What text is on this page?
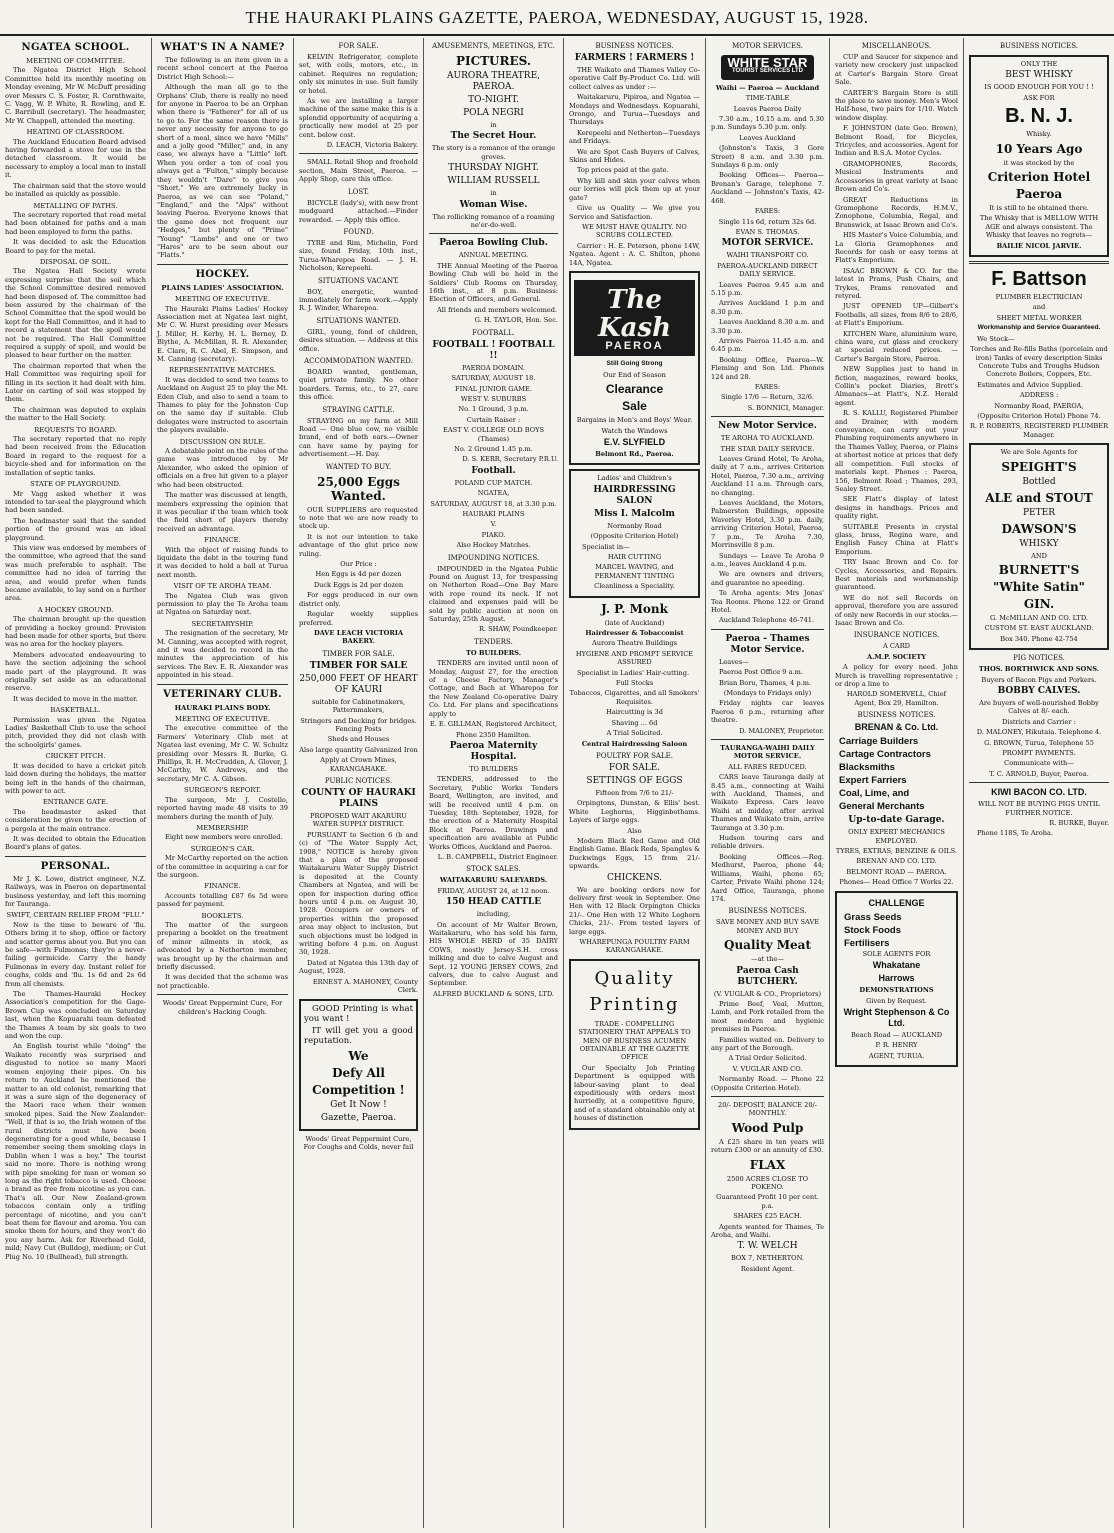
THE HAURAKI PLAINS GAZETTE, PAEROA, WEDNESDAY, AUGUST 15, 1928.
NGATEA SCHOOL.
MEETING OF COMMITTEE.

The Ngatea District High School Committee held its monthly meeting on Monday evening, Mr W. McDuff presiding over Messrs C. S. Foster, R. Cornthwaite, C. Vagg, W. P. White, R. Rowling, and E. C. Barribull (secretary). The headmaster, Mr W. Chappell, attended the meeting.

HEATING OF CLASSROOM.

The Auckland Education Board advised having forwarded a stove for use in the detached classroom. It would be necessary to employ a local man to install it.

The chairman said that the stove would be installed as quickly as possible.

METALLING OF PATHS.

The secretary reported that road metal had been obtained for paths and a man had been employed to form the paths.

It was decided to ask the Education Board to pay for the metal.

DISPOSAL OF SOIL.

The Ngatea Hall Society wrote expressing surprise that the soil which the School Committee desired removed had been disposed of. The committee had been assured by the chairman of the School Committee that the spoil would be kept for the Hall Committee, and it had to record a statement that the spoil would not be required. The Hall Committee required a supply of spoil, and would be pleased to hear further on the matter.

The chairman reported that when the Hall Committee was requiring spoil for filling in its section it had dealt with him. Later on carting of soil was stopped by them.

The chairman was deputed to explain the matter to the Hall Society.

REQUESTS TO BOARD.

The secretary reported that no reply had been received from the Education Board in regard to the request for a bicycle-shed and for information on the installation of septic tanks.

STATE OF PLAYGROUND.

Mr Vagg asked whether it was intended to tar-seal the playground which had been sanded.

The headmaster said that the sanded portion of the ground was an ideal playground.

This view was endorsed by members of the committee, who agreed that the sand was much preferable to asphalt. The committee had no idea of tarring the area, and would prefer when funds became available, to lay sand on a further area.

A HOCKEY GROUND.

The chairman brought up the question of providing a hockey ground. Provision had been made for other sports, but there was no area for the hockey players.

Members advocated endeavouring to have the section adjoining the school made part of the playground. It was originally set aside as an educational reserve.

It was decided to move in the matter.

BASKETBALL.

Permission was given the Ngatea Ladies' Basketball Club to use the school pitch, provided they did not clash with the schoolgirls' games.

CRICKET PITCH.

It was decided to have a cricket pitch laid down during the holidays, the matter being left in the hands of the chairman, with power to act.

ENTRANCE GATE.

The headmaster asked that consideration be given to the erection of a pergola at the main entrance.

It was decided to obtain the Education Board's plans of gates.

PERSONAL.

Mr J. K. Lowe, district engineer, N.Z. Railways, was in Paeroa on departmental business yesterday, and left this morning for Tauranga.

SWIFT, CERTAIN RELIEF FROM "FLU."

Now is the time to beware of 'flu. Others bring it to shop, office or factory and scatter germs about you. But you can be safe—with Fulmonas; they're a never-failing germicide. Carry the handy Fulmonas in every day. Instant relief for coughs, colds and 'flu. 1s 6d and 2s 6d from all chemists.

The Thames-Hauraki Hockey Association's competition for the Gage-Brown Cup was concluded on Saturday last, when the Kopuarahi team defeated the Thames A team by six goals to two and won the cup.

An English tourist while "doing" the Waikato recently was surprised and disgusted to notice so many Maori women enjoying their pipes. On his return to Auckland he mentioned the matter to an old colonist, remarking that it was a sure sign of the degeneracy of the Maori race when their women smoked pipes. Said the New Zealander: "Well, if that is so, the Irish women of the rural districts must have been degenerating for a good while, because I remember seeing them smoking clays in Dublin when I was a boy." The tourist said no more. There is nothing wrong with pipe smoking for man or woman so long as the right tobacco is used. Choose a brand as free from nicotine as you can. That's all. Our New Zealand-grown tobaccos contain only a trifling percentage of nicotine, and you can't beat them for flavour and aroma. You can smoke them for hours, and they won't do you any harm. Ask for Riverhead Gold, mild; Navy Cut (Bulldog), medium; or Cut Plug No. 10 (Bullhead), full strength.

WHAT'S IN A NAME?

The following is an item given in a recent school concert at the Paeroa District High School:—

Although the man all go to the Orphans' Club, there is really no need for anyone in Paeroa to be an Orphan when there is "Fatherer" for all of us to go to. For the same reason there is never any necessity for anyone to go short of a meal, since we have "Mills" and a jolly good "Miller," and, in any case, we always have a "Little" left. When you order a ton of coal you always get a "Fulton," simply because they wouldn't "Dare" to give you "Short." We are extremely lucky in Paeroa, as we can see "Poland," "England," and the "Alps" without leaving Paeroa. Everyone knows that the game does not frequent our "Hedges," but plenty of "Prime" "Young" "Lambs" and one or two "Hares" are to be seen about our "Flatts."

HOCKEY.
PLAINS LADIES' ASSOCIATION.
MEETING OF EXECUTIVE.

The Hauraki Plains Ladies' Hockey Association met at Ngatea last night, Mr C. W. Hurst presiding over Messrs J. Miller, H. Kerby, H. L. Berney, D. Blythe, A. McMillan, R. R. Alexander, E. Clare, R. C. Abel, E. Simpson, and M. Canning (secretary).

REPRESENTATIVE MATCHES.

It was decided to send two teams to Auckland on August 25 to play the Mt. Eden Club, and also to send a team to Thames to play for the Johnston Cup on the same day if suitable. Club delegates were instructed to ascertain the players available.

DISCUSSION ON RULE.

A debatable point on the rules of the game was introduced by Mr Alexander, who asked the opinion of officials on a free hit given to a player who had been obstructed.

The matter was discussed at length, members expressing the opinion that it was peculiar if the team which took the field short of players thereby received an advantage.

FINANCE.

With the object of raising funds to liquidate the debt in the touring fund it was decided to hold a ball at Turua next month.

VISIT OF TE AROHA TEAM.

The Ngatea Club was given permission to play the Te Aroha team at Ngatea on Saturday next.

SECRETARYSHIP.

The resignation of the secretary, Mr M. Canning, was accepted with regret, and it was decided to record in the minutes the appreciation of his services. The Rev. E. R. Alexander was appointed in his stead.

VETERINARY CLUB.
HAURAKI PLAINS BODY.
MEETING OF EXECUTIVE.

The executive committee of the Farmers' Veterinary Club met at Ngatea last evening, Mr C. W. Schultz presiding over Messrs R. Burke, G. Phillips, R. H. McCrudden, A. Glover, J. McCarthy, W. Andrews, and the secretary, Mr C. A. Gibson.

SURGEON'S REPORT.

The surgeon, Mr J. Costello, reported having made 48 visits to 39 members during the month of July.

MEMBERSHIP.

Eight new members were enrolled.

SURGEON'S CAR.

Mr McCarthy reported on the action of the committee in acquiring a car for the surgeon.

FINANCE.

Accounts totalling £87 6s 5d were passed for payment.

BOOKLETS.

The matter of the surgeon preparing a booklet on the treatment of minor ailments in stock, as advocated by a Netherton member, was brought up by the chairman and briefly discussed.

It was decided that the scheme was not practicable.

Woods' Great Peppermint Cure, For children's Hacking Cough.

FOR SALE.

KELVIN Refrigerator, complete set, with coils, motors, etc., in cabinet. Requires no regulation; only six minutes in use. Suit family or hotel.

As we are installing a larger machine of the same make this is a splendid opportunity of acquiring a practically new model at 25 per cent. below cost.

D. LEACH, Victoria Bakery.

SMALL Retail Shop and freehold section, Main Street, Paeroa. —Apply Shop, care this office.

LOST.

BICYCLE (lady's), with new front mudguard attached.—Finder rewarded. — Apply this office.

FOUND.

TYRE and Rim, Michelin, Ford size, found Friday, 10th inst., Turua-Wharepoa Road. — J. H. Nicholson, Kerepeehi.

SITUATIONS VACANT.

BOY, energetic, wanted immediately for farm work.—Apply R. J. Winder, Wharepoa.

SITUATIONS WANTED.

GIRL, young, fond of children, desires situation. — Address at this office.

ACCOMMODATION WANTED.

BOARD wanted, gentleman, quiet private family. No other boarders. Terms, etc., to 27, care this office.

STRAYING CATTLE.

STRAYING on my farm at Mill Road — One blue cow, no visible brand, end of both ears.—Owner can have same by paying for advertisement.—H. Day.

WANTED TO BUY.
25,000 Eggs Wanted.

OUR SUPPLIERS are requested to note that we are now ready to stock up.

It is not our intention to take advantage of the glut price now ruling.

Our Price :

Hen Eggs is 4d per dozen

Duck Eggs is 2d per dozen

For eggs produced in our own district only.

Regular weekly supplies preferred.

DAVE LEACH VICTORIA BAKERY.

TIMBER FOR SALE.
TIMBER FOR SALE
250,000 FEET OF HEART OF KAURI

suitable for Cabinetmakers, Patternmakers,

Stringers and Decking for bridges. Fencing Posts

Sheds and Houses

Also large quantity Galvanized Iron

Apply at Crown Mines, KARANGAHAKE.

PUBLIC NOTICES.
COUNTY OF HAURAKI PLAINS

PROPOSED WAIT AKARURU WATER SUPPLY DISTRICT.

PURSUANT to Section 6 (b and (c) of "The Water Supply Act, 1908," NOTICE is hereby given that a plan of the proposed Waitakaruru Water Supply District is deposited at the County Chambers at Ngatea, and will be open for inspection during office hours until 4 p.m. on August 30, 1928. Occupiers or owners of properties within the proposed area may object to inclusion, but such objections must be lodged in writing before 4 p.m. on August 30, 1928.

Dated at Ngatea this 13th day of August, 1928.

ERNEST A. MAHONEY, County Clerk.

GOOD Printing is what you want !

IT will get you a good reputation.

We
Defy All
Competition !
Get It Now !
Gazette, Paeroa.

Woods' Great Peppermint Cure, For Coughs and Colds, never fail

AMUSEMENTS, MEETINGS, ETC.
PICTURES.
AURORA THEATRE, PAEROA.
TO-NIGHT.
POLA NEGRI

in

The Secret Hour.

The story is a romance of the orange groves.

THURSDAY NIGHT.
WILLIAM RUSSELL

in

Woman Wise.

The rollicking romance of a roaming ne'er-do-well.

Paeroa Bowling Club.

ANNUAL MEETING.

THE Annual Meeting of the Paeroa Bowling Club will be held in the Soldiers' Club Rooms on Thursday, 16th inst., at 8 p.m. Business: Election of Officers, and General.

All friends and members welcomed.

G. H. TAYLOR, Hon. Sec.

FOOTBALL.
FOOTBALL ! FOOTBALL !!

PAEROA DOMAIN.

SATURDAY, AUGUST 18.

FINAL JUNIOR GAME.

WEST V. SUBURBS

No. 1 Ground, 3 p.m.

Curtain Raiser :

EAST V. COLLEGE OLD BOYS (Thames)

No. 2 Ground 1.45 p.m.

D. S. KERR, Secretary P.R.U.

Football.

POLAND CUP MATCH.

NGATEA,

SATURDAY, AUGUST 18, at 3.30 p.m.

HAURAKI PLAINS

V.

PIAKO.

Also Hockey Matches.

IMPOUNDING NOTICES.

IMPOUNDED in the Ngatea Public Pound on August 13, for trespassing on Netherton Road—One Bay Mare with rope round its neck. If not claimed and expenses paid will be sold by public auction at noon on Saturday, 25th August.

R. SHAW, Poundkeeper.

TENDERS.

TO BUILDERS.

TENDERS are invited until noon of Monday, August 27, for the erection of a Cheese Factory, Manager's Cottage, and Bach at Wharepoa for the New Zealand Co-operative Dairy Co. Ltd. For plans and specifications apply to

E. E. GILLMAN, Registered Architect,

Phone 2350 Hamilton.

Paeroa Maternity Hospital.

TO BUILDERS

TENDERS, addressed to the Secretary, Public Works Tenders Board, Wellington, are invited, and will be received until 4 p.m. on Tuesday, 18th September, 1928, for the erection of a Maternity Hospital Block at Paeroa. Drawings and specification are available at Public Works Offices, Auckland and Paeroa.

L. B. CAMPBELL, District Engineer.

STOCK SALES.

WAITAKARURU SALEYARDS.

FRIDAY, AUGUST 24, at 12 noon.

150 HEAD CATTLE

including,

On account of Mr Walter Brown, Waitakaruru, who has sold his farm, HIS WHOLE HERD of 35 DAIRY COWS, mostly Jersey-S.H. cross milking and due to calve August and Sept. 12 YOUNG JERSEY COWS, 2nd calvers, due to calve August and September.

ALFRED BUCKLAND & SONS, LTD.

BUSINESS NOTICES.
FARMERS ! FARMERS !

THE Waikato and Thames Valley Co-operative Calf By-Product Co. Ltd. will collect calves as under :—

Waitakaruru, Pipiroa, and Ngatea — Mondays and Wednesdays. Kopuarahi, Orongo, and Turua—Tuesdays and Thursdays

Kerepeehi and Netherton—Tuesdays and Fridays.

We are Spot Cash Buyers of Calves, Skins and Hides.

Top prices paid at the gate.

Why kill and skin your calves when our lorries will pick them up at your gate?

Give us Quality — We give you Service and Satisfaction.

WE MUST HAVE QUALITY. NO SCRUBS COLLECTED.

Carrier : H. E. Peterson, phone 14W, Ngatea. Agent : A. C. Shilton, phone 14A, Ngatea.

The Kash
PAEROA

Still Going Strong

Our End of Season

Clearance
Sale

Bargains in Men's and Boys' Wear.

Watch the Windows

E.V. SLYFIELD

Belmont Rd., Paeroa.

Ladies' and Children's

HAIRDRESSING SALON
Miss I. Malcolm

Normanby Road

(Opposite Criterion Hotel)

Specialist in—

HAIR CUTTING

MARCEL WAVING, and PERMANENT TINTING

Cleanliness a Speciality.

J. P. Monk

(late of Auckland)

Hairdresser & Tobacconist

Aurora Theatre Buildings

HYGIENE AND PROMPT SERVICE ASSURED

Specialist in Ladies' Hair-cutting.

Full Stocks

Tobaccos, Cigarettes, and all Smokers' Requisites.

Haircutting is 3d

Shaving ... 6d

A Trial Solicited.

Central Hairdressing Saloon

POULTRY FOR SALE.
FOR SALE.
SETTINGS OF EGGS

Fifteen from 7/6 to 21/-

Orpingtons, Dunstan, & Ellis' best. White Leghorns, Higginbothams. Layers of large eggs.

Also

Modern Black Red Game and Old English Game. Black Reds, Spangles & Duckwings Eggs, 15 from 21/- upwards.

CHICKENS.

We are booking orders now for delivery first week in September. One Hen with 12 Black Orpington Chicks 21/-. One Hen with 12 White Leghorn Chicks, 21/-. From tested layers of large eggs.

WHAREPUNGA POULTRY FARM KARANGAHAKE.

Quality
Printing

TRADE - COMPELLING STATIONERY THAT APPEALS TO MEN OF BUSINESS ACUMEN OBTAINABLE AT THE GAZETTE OFFICE

Our Specialty Job Printing Department is equipped with labour-saving plant to deal expeditiously with orders most hurriedly, at a competitive figure, and of a standard obtainable only at houses of distinction

MOTOR SERVICES.
WHITE STAR
TOURIST SERVICES LTD

Waihi — Paeroa — Auckland

TIME-TABLE

Leaves Paeroa Daily

7.30 a.m., 10.15 a.m. and 5.30 p.m. Sundays 5.30 p.m. only.

Leaves Auckland

(Johnston's Taxis, 3 Gore Street) 8 a.m. and 3.30 p.m. Sundays 6 p.m. only

Booking Offices— Paeroa—Brenan's Garage, telephone 7. Auckland — Johnston's Taxis, 42-468.

FARES:

Single 11s 6d, return 32s 6d.

EVAN S. THOMAS.

MOTOR SERVICE.

WAIHI TRANSPORT CO.

PAEROA-AUCKLAND DIRECT DAILY SERVICE.

Leaves Paeroa 9.45 a.m and 5.15 p.m.

Arrives Auckland 1 p.m and 8.30 p.m.

Leaves Auckland 8.30 a.m. and 3.30 p.m.

Arrives Paeroa 11.45 a.m. and 6.45 p.m.

Booking Office, Paeroa—W. Fleming and Son Ltd. Phones 124 and 28.

FARES:

Single 17/6 — Return, 32/6.

S. BONNICI, Manager.

New Motor Service.

TE AROHA TO AUCKLAND.

THE STAR DAILY SERVICE.

Leaves Grand Hotel, Te Aroha, daily at 7 a.m., arrives Criterion Hotel, Paeroa, 7.30 a.m., arriving Auckland 11 a.m. Through cars, no changing.

Leaves Auckland, the Motors, Palmerston Buildings, opposite Waverley Hotel, 3.30 p.m. daily, arriving Criterion Hotel, Paeroa, 7 p.m., Te Aroha 7.30, Morrinsville 8 p.m.

Sundays — Leave Te Aroha 9 a.m., leaves Auckland 4 p.m.

We are owners and drivers, and guarantee no speeding.

Te Aroha agents: Mrs Jonas' Tea Rooms. Phone 122 or Grand Hotel.

Auckland Telephone 46-741.

Paeroa - Thames Motor Service.

Leaves—

Paeroa Post Office 9 a.m.

Brian Boru, Thames, 4 p.m.

(Mondays to Fridays only)

Friday nights car leaves Paeroa 6 p.m., returning after theatre.

D. MALONEY, Proprietor.

TAURANGA-WAIHI DAILY MOTOR SERVICE.

ALL FARES REDUCED.

CARS leave Tauranga daily at 8.45 a.m., connecting at Waihi with Auckland, Thames, and Waikato Express. Cars leave Waihi at midday, after arrival Thames and Waikato train, arrive Tauranga at 3.30 p.m.

Hudson touring cars and reliable drivers.

Booking Offices.—Reg. Medhurst, Paeroa, phone 44; Williams, Waihi, phone 65; Carter, Private Waihi phone 124; Aard Office, Tauranga, phone 174.

BUSINESS NOTICES.

SAVE MONEY AND BUY SAVE MONEY AND BUY

Quality Meat

—at the—

Paeroa Cash BUTCHERY.

(V. VUGLAR & CO., Proprietors)

Prime Beef, Veal, Mutton, Lamb, and Pork retailed from the most modern and hygienic premises in Paeroa.

Families waited on. Delivery to any part of the Borough.

A Trial Order Solicited.

V. VUGLAR AND CO.

Normanby Road. — Phone 22 (Opposite Criterion Hotel).

20/- DEPOSIT, BALANCE 20/- MONTHLY.

Wood Pulp

A £25 share in ten years will return £300 or an annuity of £30.

FLAX

2500 ACRES CLOSE TO POKENO.

Guaranteed Profit 10 per cent. p.a.

SHARES £25 EACH.

Agents wanted for Thames, Te Aroha, and Waihi.

T. W. WELCH

BOX 7, NETHERTON.

Resident Agent.

MISCELLANEOUS.

CUP and Saucer for sixpence and variety new crockery just unpacked at Carter's Bargain Store Great Sale.

CARTER'S Bargain Store is still the place to save money. Men's Wool Half-hose, two pairs for 1/10. Watch window display.

F. JOHNSTON (late Geo. Brown), Belmont Road, for Bicycles, Tricycles, and accessories. Agent for Indian and B.S.A. Motor Cycles.

GRAMOPHONES, Records, Musical Instruments and Accessories in great variety at Isaac Brown and Co's.

GREAT Reductions in Gramophone Records, H.M.V., Zonophone, Columbia, Regal, and Brunswick, at Isaac Brown and Co's.

HIS Master's Voice Columbia, and La Gloria Gramophones and Records for cash or easy terms at Flatt's Emporium.

ISAAC BROWN & CO. for the latest in Prams, Push Chairs, and Trykes, Prams renovated and retyred.

JUST OPENED UP—Gilbert's Footballs, all sizes, from 8/6 to 28/6, at Flatt's Emporium.

KITCHEN Ware, aluminium ware, china ware, cut glass and crockery at special reduced prices. — Carter's Bargain Store, Paeroa.

NEW Supplies just to hand in fiction, magazines, reward books, Collin's pocket Diaries, Brett's Almanacs—at Flatt's, N.Z. Herald agent.

R. S. KALLU, Registered Plumber and Drainer, with modern conveyance, can carry out your Plumbing requirements anywhere in the Thames Valley, Paeroa, or Plains at shortest notice at prices that defy all competition. Full stocks of materials kept. Phones : Paeroa, 156, Belmont Road ; Thames, 293, Sealey Street.

SEE Flatt's display of latest designs in handbags. Prices and quality right.

SUITABLE Presents in crystal glass, brass, Regina ware, and English Fancy China at Flatt's Emporium.

TRY Isaac Brown and Co. for Cycles, Accessories, and Repairs. Best materials and workmanship guaranteed.

WE do not sell Records on approval, therefore you are assured of only new Records in our stocks.—Isaac Brown and Co.

INSURANCE NOTICES.

A CARD

A.M.P. SOCIETY

A policy for every need. John Murch is travelling representative ; or drop a line to

HAROLD SOMERVELL, Chief Agent, Box 29, Hamilton.

BUSINESS NOTICES.
BRENAN & Co. Ltd.
Carriage Builders
Cartage Contractors
Blacksmiths
Expert Farriers
Coal, Lime, and
General Merchants
Up-to-date Garage.

ONLY EXPERT MECHANICS EMPLOYED.

TYRES, EXTRAS, BENZINE & OILS.

BRENAN AND CO. LTD.

BELMONT ROAD — PAEROA.

Phones— Head Office 7 Works 22.

CHALLENGE
Grass Seeds
Stock Foods
Fertilisers

SOLE AGENTS FOR

Whakatane
Harrows

DEMONSTRATIONS

Given by Request.

Wright Stephenson & Co Ltd.

Beach Road — AUCKLAND

P. R. HENRY

AGENT, TURUA.

BUSINESS NOTICES.

ONLY THE

BEST WHISKY

IS GOOD ENOUGH FOR YOU ! !

ASK FOR

B. N. J.

Whisky.

10 Years Ago

it was stocked by the

Criterion Hotel
Paeroa

It is still to be obtained there.

The Whisky that is MELLOW WITH AGE and always consistent. The Whisky that leaves no regrets—

BAILIE NICOL JARVIE.

F. Battson

PLUMBER ELECTRICIAN

and

SHEET METAL WORKER

Workmanship and Service Guaranteed.

We Stock—

Torches and Re-fills Baths (porcelain and iron) Tanks of every description Sinks Concrete Tubs and Troughs Hudson Concrete Boilers, Coppers, Etc.

Estimates and Advice Supplied.

ADDRESS :

Normanby Road, PAEROA,

(Opposite Criterion Hotel) Phone 74.

R. P. ROBERTS, REGISTERED PLUMBER Manager.

We are Sole Agents for

SPEIGHT'S
Bottled
ALE and STOUT
PETER
DAWSON'S
WHISKY

AND

BURNETT'S
"White Satin"
GIN.

G. McMILLAN AND CO. LTD.

CUSTOM ST. EAST AUCKLAND.

Box 340. Phone 42-754

PIG NOTICES.

THOS. BORTHWICK AND SONS.

Buyers of Bacon Pigs and Porkers.

BOBBY CALVES.

Are buyers of well-nourished Bobby Calves at 8/- each.

Districts and Carrier :

D. MALONEY, Hikutaia. Telephone 4.

G. BROWN, Turua, Telephone 55

PROMPT PAYMENTS.

Communicate with—

T. C. ARNOLD, Buyer, Paeroa.

KIWI BACON CO. LTD.

WILL NOT BE BUYING PIGS UNTIL FURTHER NOTICE.

R. BURKE, Buyer.

Phone 118S, Te Aroha.
